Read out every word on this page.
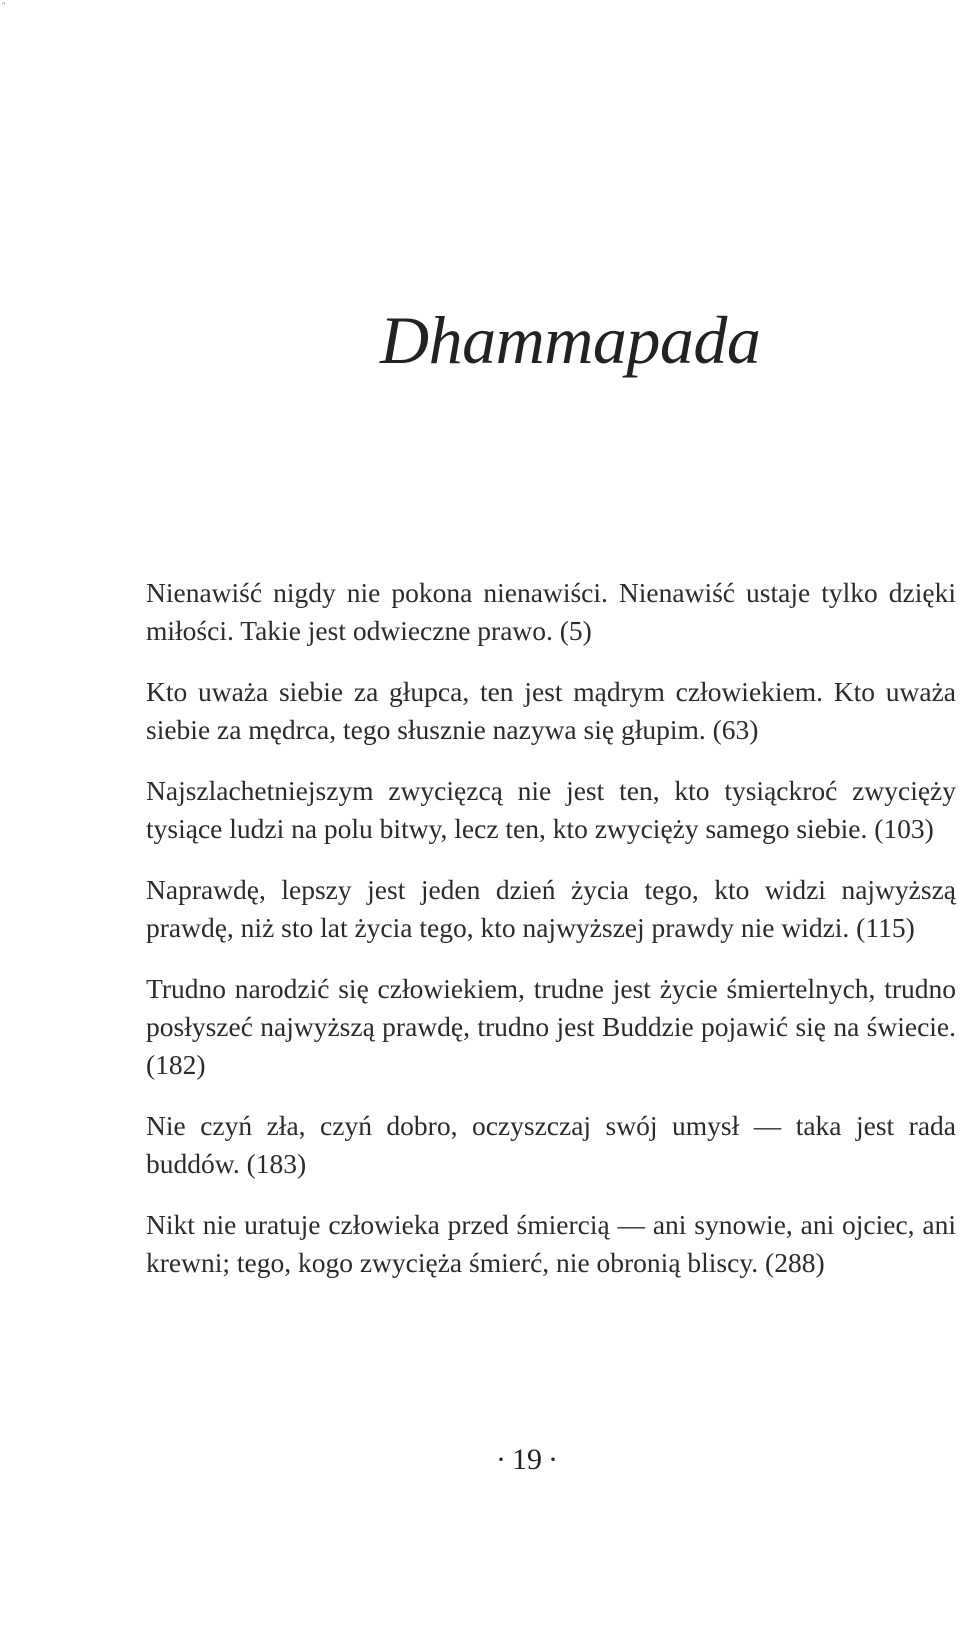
"
Dhammapada

Nienawiść nigdy nie pokona nienawiści. Nienawiść ustaje tylko dzięki miłości. Takie jest odwieczne prawo. (5)

Kto uważa siebie za głupca, ten jest mądrym człowiekiem. Kto uważa siebie za mędrca, tego słusznie nazywa się głupim. (63)

Najszlachetniejszym zwycięzcą nie jest ten, kto tysiąckroć zwycięży tysiące ludzi na polu bitwy, lecz ten, kto zwycięży samego siebie. (103)

Naprawdę, lepszy jest jeden dzień życia tego, kto widzi najwyższą prawdę, niż sto lat życia tego, kto najwyższej prawdy nie widzi. (115)

Trudno narodzić się człowiekiem, trudne jest życie śmiertelnych, trudno posłyszeć najwyższą prawdę, trudno jest Buddzie pojawić się na świecie. (182)

Nie czyń zła, czyń dobro, oczyszczaj swój umysł — taka jest rada buddów. (183)

Nikt nie uratuje człowieka przed śmiercią — ani synowie, ani ojciec, ani krewni; tego, kogo zwycięża śmierć, nie obronią bliscy. (288)

· 19 ·
